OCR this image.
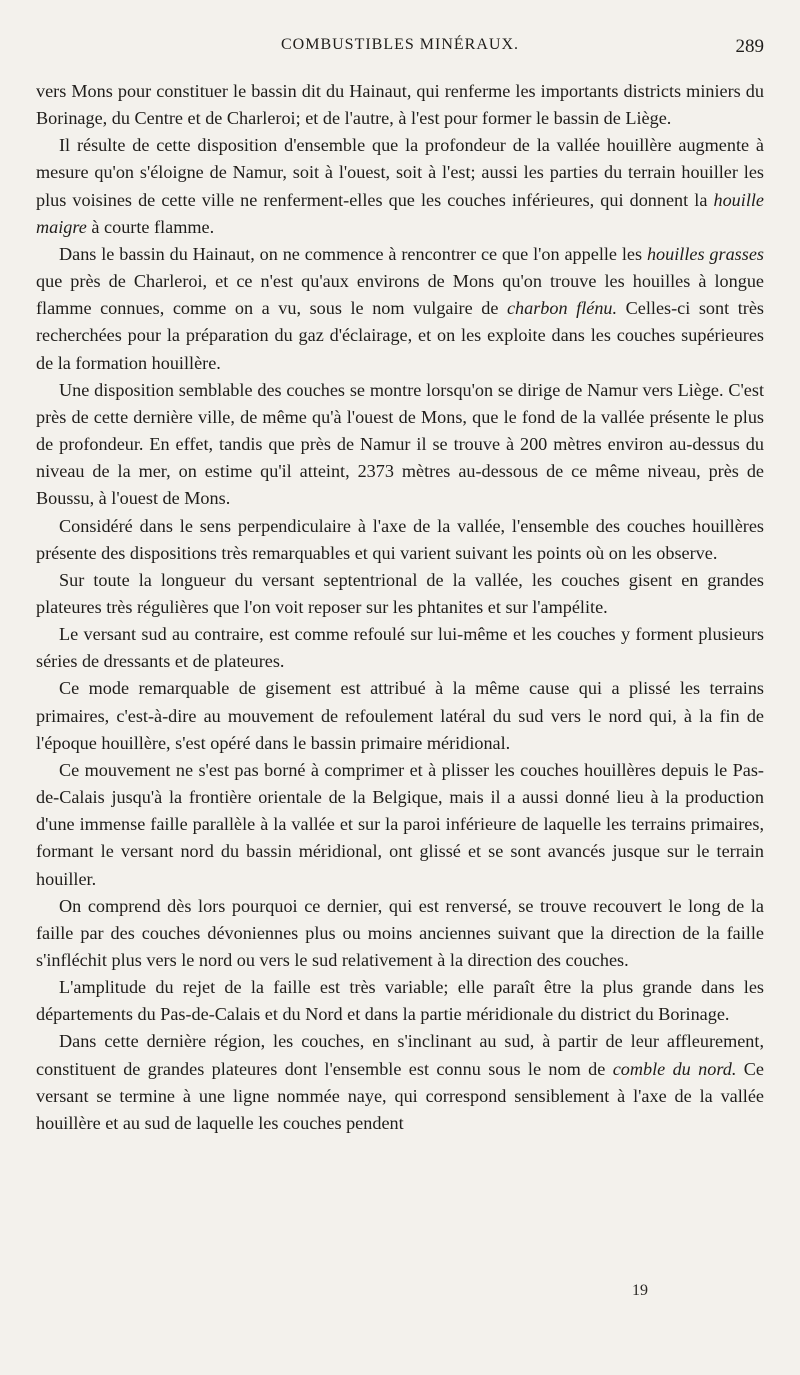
COMBUSTIBLES MINÉRAUX.	289

vers Mons pour constituer le bassin dit du Hainaut, qui renferme les importants districts miniers du Borinage, du Centre et de Charleroi; et de l'autre, à l'est pour former le bassin de Liège.

Il résulte de cette disposition d'ensemble que la profondeur de la vallée houillère augmente à mesure qu'on s'éloigne de Namur, soit à l'ouest, soit à l'est; aussi les parties du terrain houiller les plus voisines de cette ville ne renferment-elles que les couches inférieures, qui donnent la houille maigre à courte flamme.

Dans le bassin du Hainaut, on ne commence à rencontrer ce que l'on appelle les houilles grasses que près de Charleroi, et ce n'est qu'aux environs de Mons qu'on trouve les houilles à longue flamme connues, comme on a vu, sous le nom vulgaire de charbon flénu. Celles-ci sont très recherchées pour la préparation du gaz d'éclairage, et on les exploite dans les couches supérieures de la formation houillère.

Une disposition semblable des couches se montre lorsqu'on se dirige de Namur vers Liège. C'est près de cette dernière ville, de même qu'à l'ouest de Mons, que le fond de la vallée présente le plus de profondeur. En effet, tandis que près de Namur il se trouve à 200 mètres environ au-dessus du niveau de la mer, on estime qu'il atteint, 2373 mètres au-dessous de ce même niveau, près de Boussu, à l'ouest de Mons.

Considéré dans le sens perpendiculaire à l'axe de la vallée, l'ensemble des couches houillères présente des dispositions très remarquables et qui varient suivant les points où on les observe.

Sur toute la longueur du versant septentrional de la vallée, les couches gisent en grandes plateures très régulières que l'on voit reposer sur les phtanites et sur l'ampélite.

Le versant sud au contraire, est comme refoulé sur lui-même et les couches y forment plusieurs séries de dressants et de plateures.

Ce mode remarquable de gisement est attribué à la même cause qui a plissé les terrains primaires, c'est-à-dire au mouvement de refoulement latéral du sud vers le nord qui, à la fin de l'époque houillère, s'est opéré dans le bassin primaire méridional.

Ce mouvement ne s'est pas borné à comprimer et à plisser les couches houillères depuis le Pas-de-Calais jusqu'à la frontière orientale de la Belgique, mais il a aussi donné lieu à la production d'une immense faille parallèle à la vallée et sur la paroi inférieure de laquelle les terrains primaires, formant le versant nord du bassin méridional, ont glissé et se sont avancés jusque sur le terrain houiller.

On comprend dès lors pourquoi ce dernier, qui est renversé, se trouve recouvert le long de la faille par des couches dévoniennes plus ou moins anciennes suivant que la direction de la faille s'infléchit plus vers le nord ou vers le sud relativement à la direction des couches.

L'amplitude du rejet de la faille est très variable; elle paraît être la plus grande dans les départements du Pas-de-Calais et du Nord et dans la partie méridionale du district du Borinage.

Dans cette dernière région, les couches, en s'inclinant au sud, à partir de leur affleurement, constituent de grandes plateures dont l'ensemble est connu sous le nom de comble du nord. Ce versant se termine à une ligne nommée naye, qui correspond sensiblement à l'axe de la vallée houillère et au sud de laquelle les couches pendent

19
